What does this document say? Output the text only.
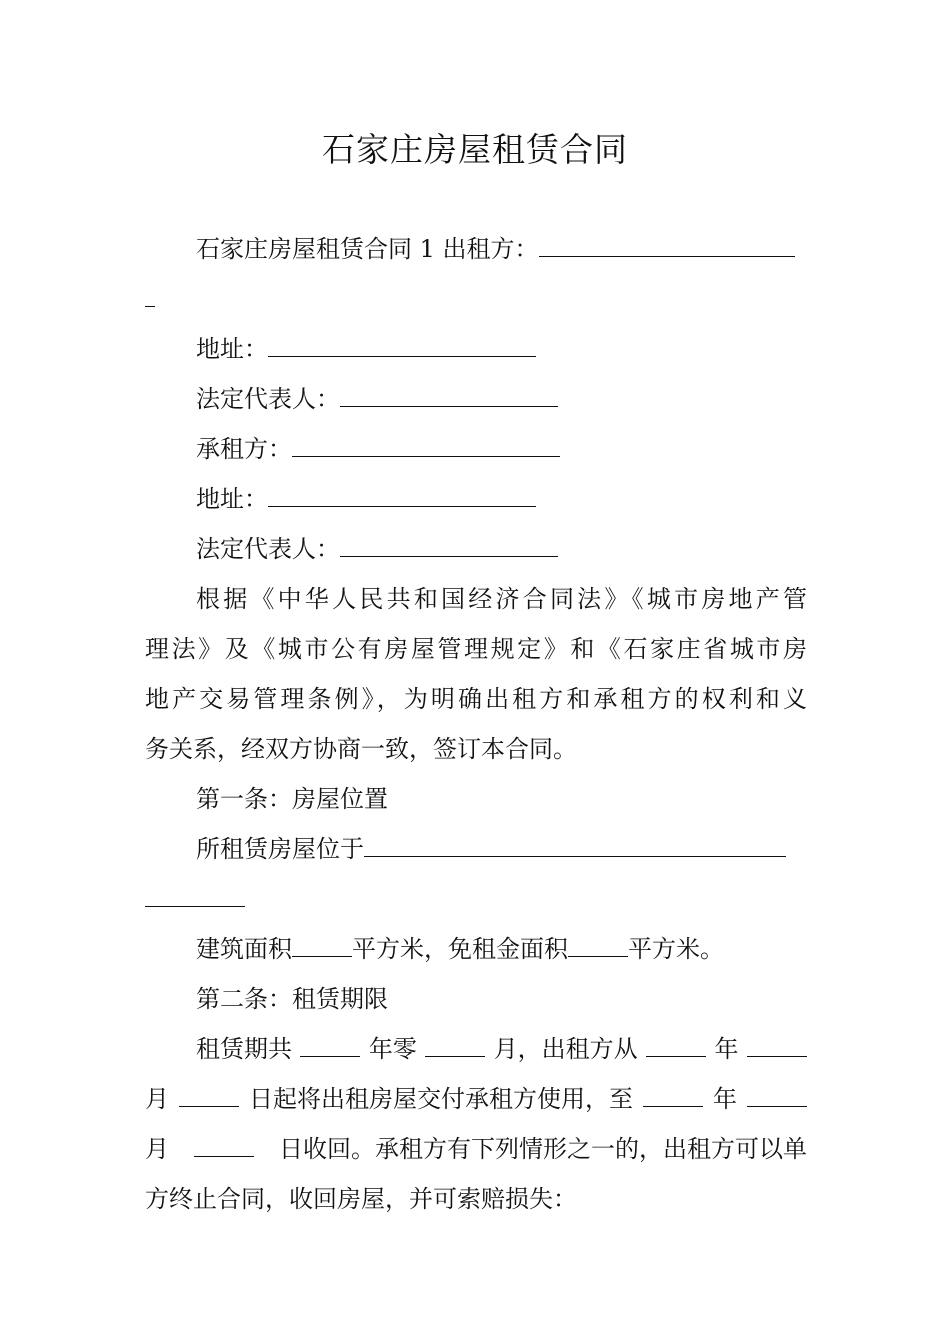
石家庄房屋租赁合同
石家庄房屋租赁合同 1 出租方：
地址：
法定代表人：
承租方：
地址：
法定代表人：
根据《中华人民共和国经济合同法》《城市房地产管
理法》及《城市公有房屋管理规定》和《石家庄省城市房
地产交易管理条例》，为明确出租方和承租方的权利和义
务关系，经双方协商一致，签订本合同。
第一条：房屋位置
所租赁房屋位于
建筑面积	平方米，免租金面积	平方米。
第二条：租赁期限
租赁期共	年零	月，出租方从	年
月	日起将出租房屋交付承租方使用，至	年
月	日收回。承租方有下列情形之一的，出租方可以单
方终止合同，收回房屋，并可索赔损失：
